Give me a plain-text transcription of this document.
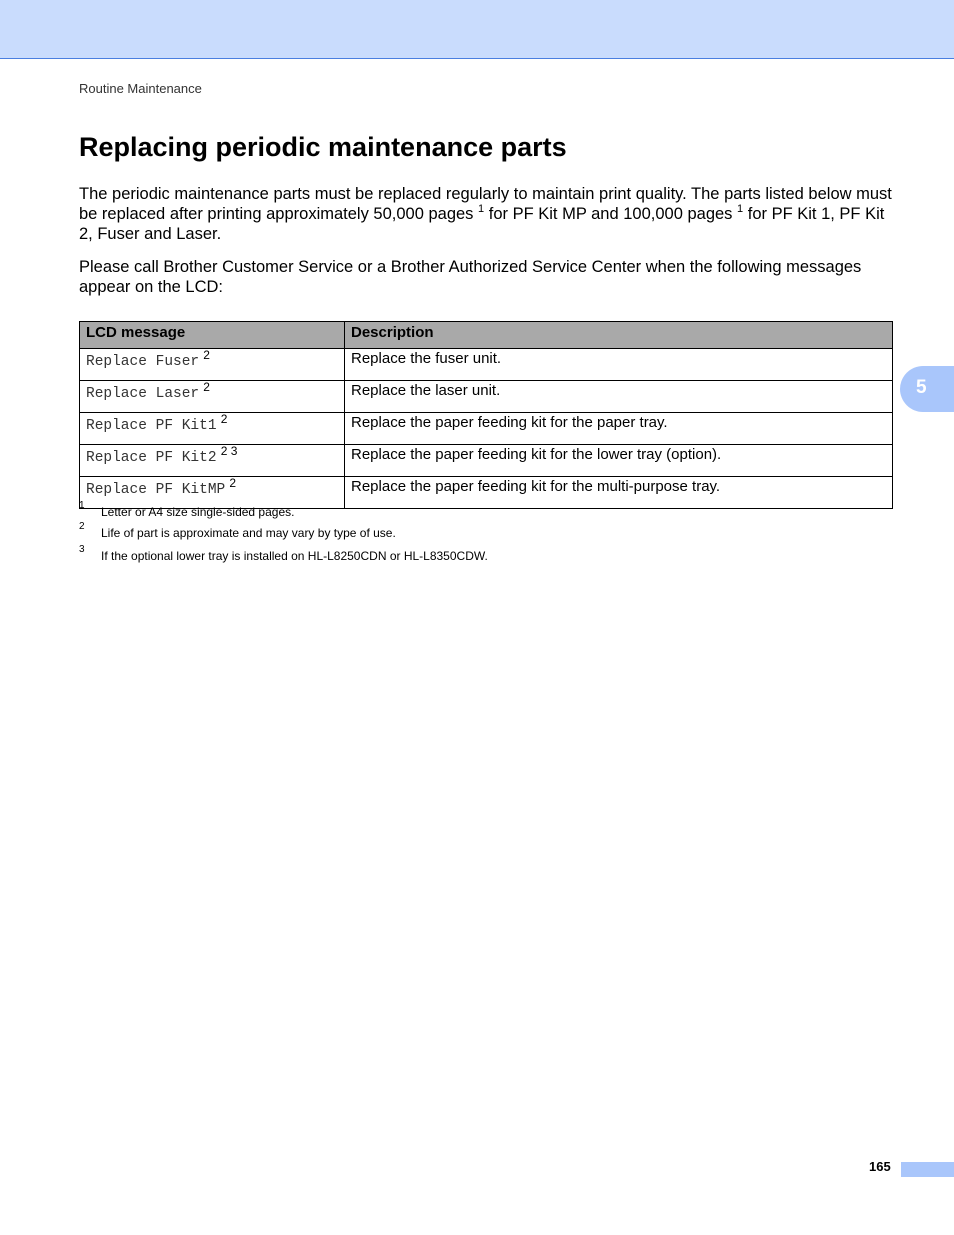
Routine Maintenance
Replacing periodic maintenance parts

The periodic maintenance parts must be replaced regularly to maintain print quality. The parts listed below must be replaced after printing approximately 50,000 pages $^1$ for PF Kit MP and 100,000 pages $^1$ for PF Kit 1, PF Kit 2, Fuser and Laser.

Please call Brother Customer Service or a Brother Authorized Service Center when the following messages appear on the LCD:

LCD message	Description
Replace Fuser $^2$	Replace the fuser unit.
Replace Laser $^2$	Replace the laser unit.
Replace PF Kit1 $^2$	Replace the paper feeding kit for the paper tray.
Replace PF Kit2 $^{2 3}$	Replace the paper feeding kit for the lower tray (option).
Replace PF KitMP $^2$	Replace the paper feeding kit for the multi-purpose tray.
1 Letter or A4 size single-sided pages.
2 Life of part is approximate and may vary by type of use.
3 If the optional lower tray is installed on HL-L8250CDN or HL-L8350CDW.
5
165
